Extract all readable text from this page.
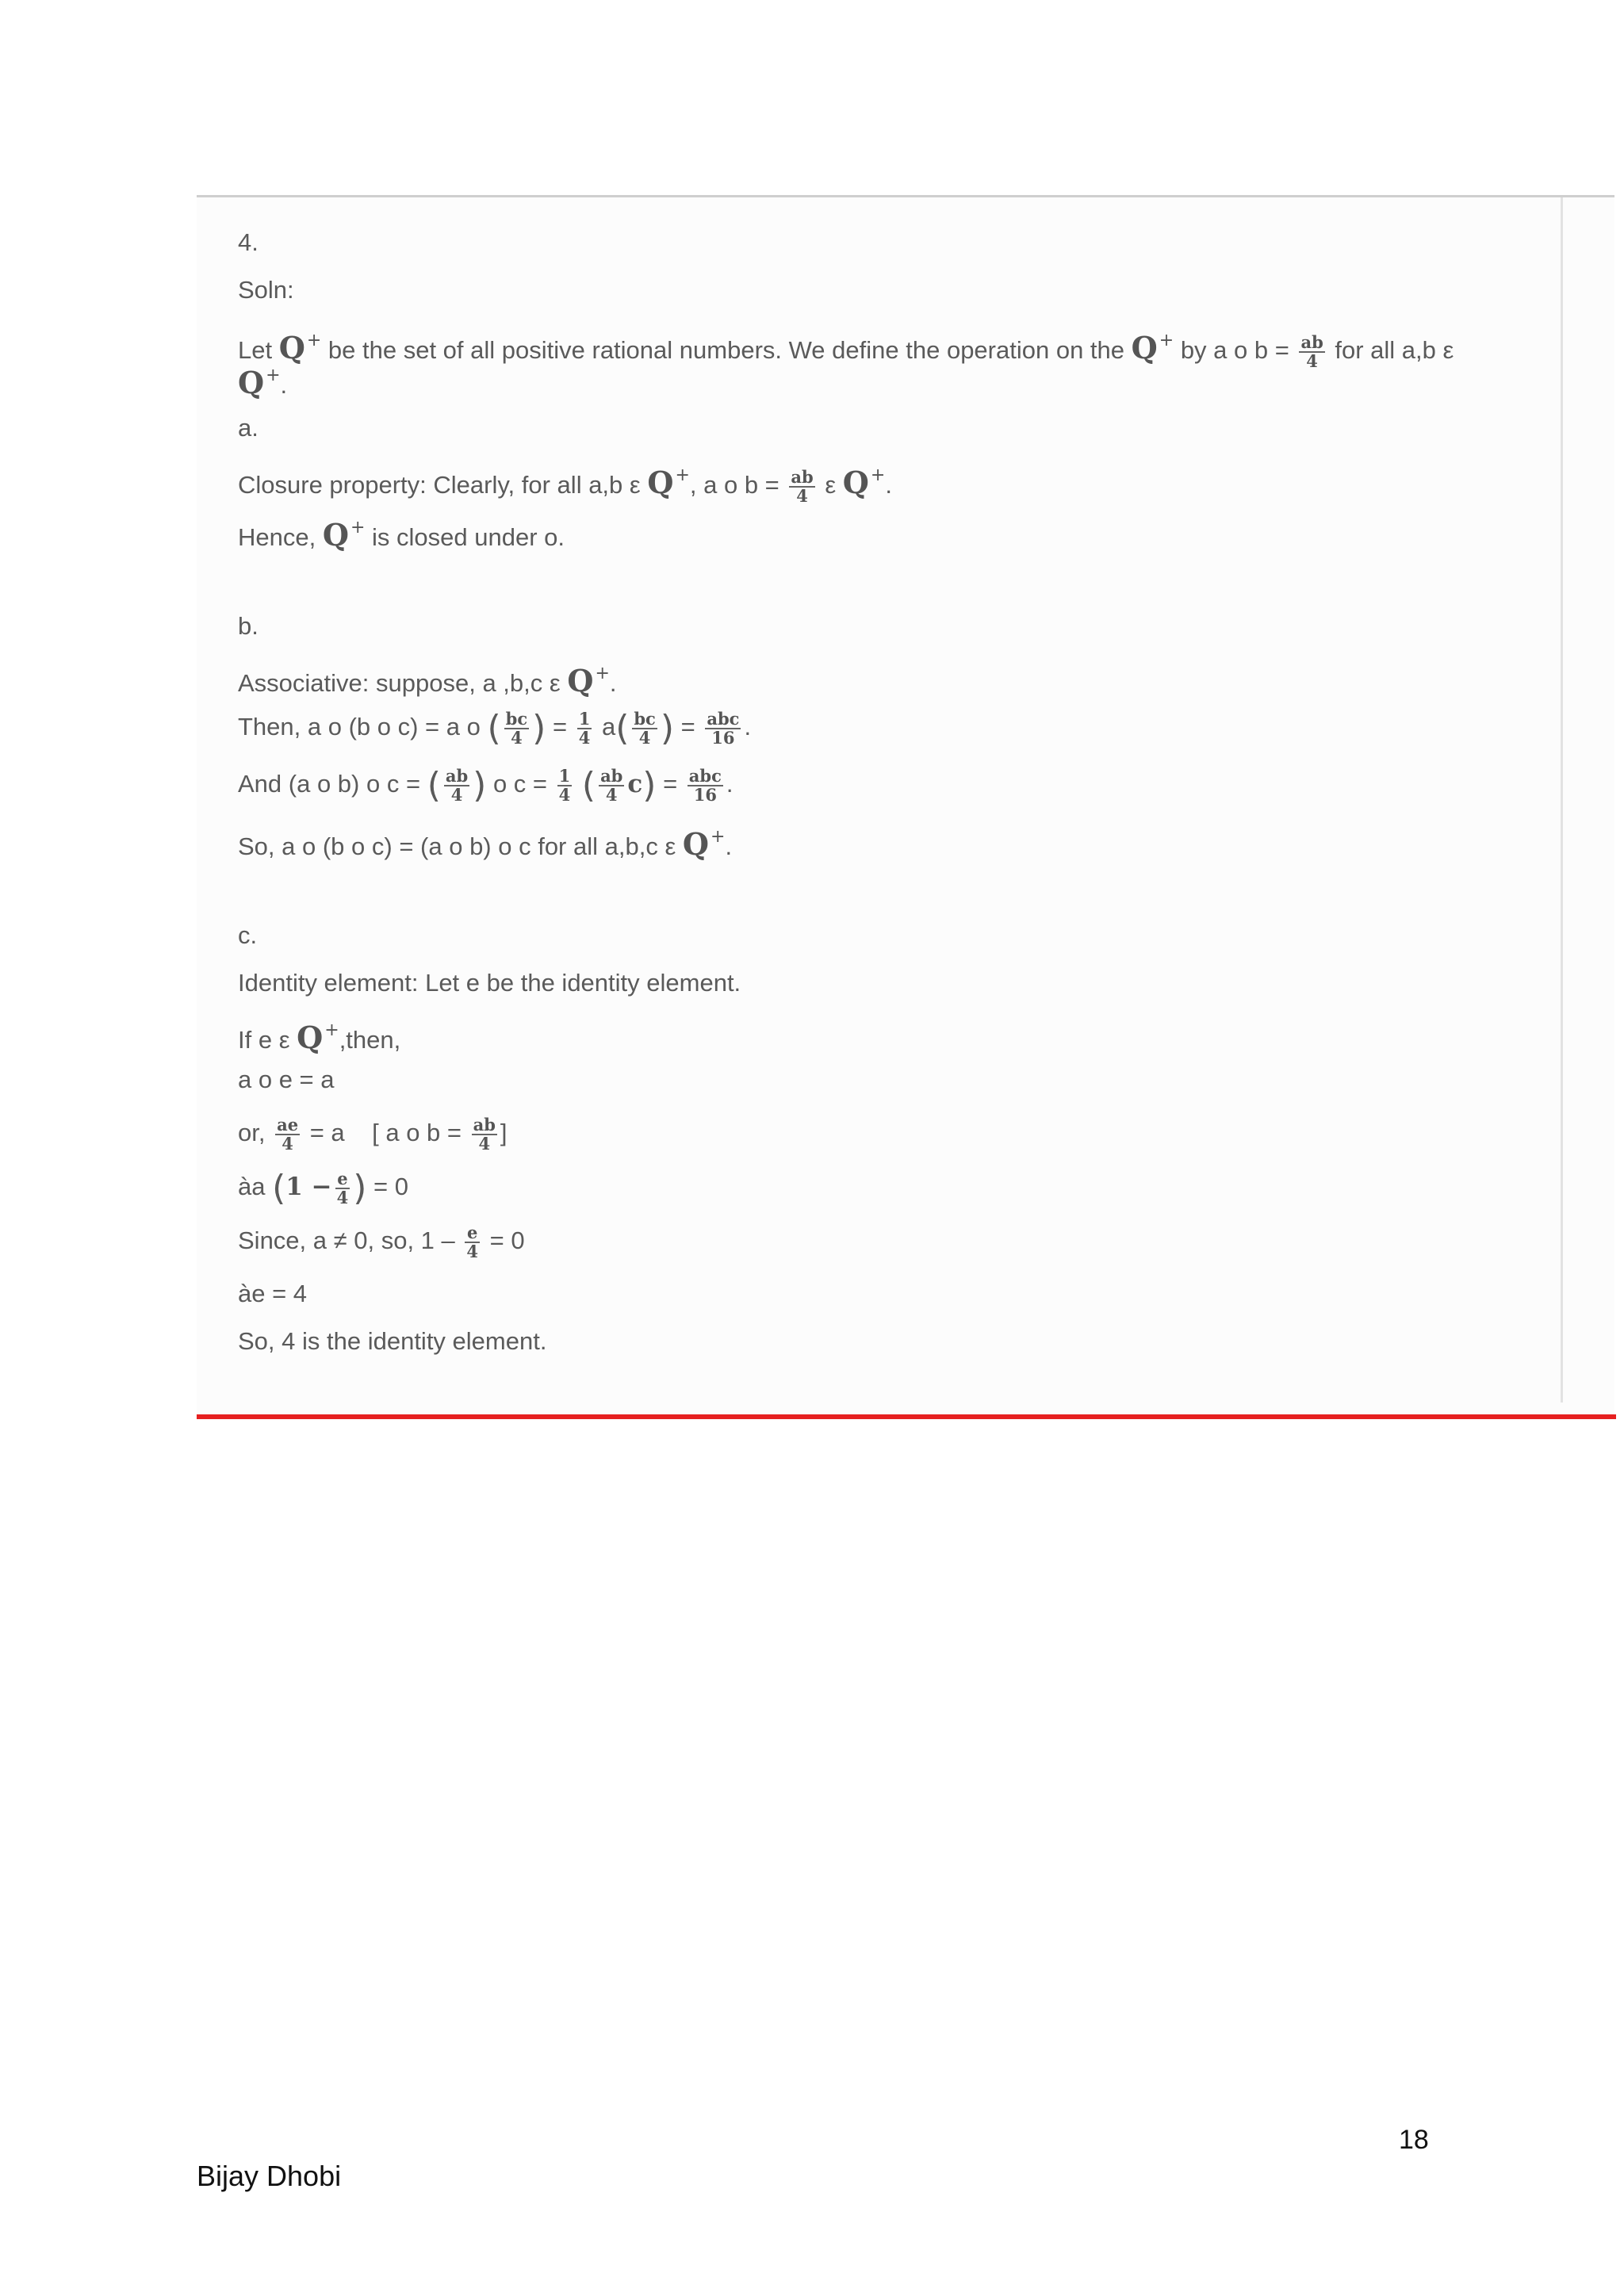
4.
Soln:
Let Q+ be the set of all positive rational numbers. We define the operation on the Q+ by a o $b = \frac{ab}{4}$ for all a,b ε
Q+.
a.
Closure property: Clearly, for all a,b ε Q+, a o $b = \frac{ab}{4}$ ε Q+.
Hence, Q+ is closed under o.
b.
Associative: suppose, a ,b,c ε Q+.
Then, a o (b o c) = a o ( $\frac{bc}{4}$ ) = $\frac{1}{4} a( \frac{bc}{4}$ ) = $\frac{\text{abc}}{16}$ .
And (a o b) o c = ( $\frac{ab}{4}$ ) o $c = \frac{1}{4}$ ( $\frac{ab}{4} c) = \frac{\text{abc}}{16}$ .
So, a o (b o c) = (a o b) o c for all a,b,c ε Q+.
c.
Identity element: Let e be the identity element.
If e ε Q+,then,
a o e = a
or, $\frac{ae}{4} = a$ [ a o $b = \frac{ab}{4}$ ]
àa ($1 - \frac{e}{4}$ ) = 0
Since, a ≠ 0, so, $1 - \frac{e}{4} = 0$
àe = 4
So, 4 is the identity element.
18
Bijay Dhobi
